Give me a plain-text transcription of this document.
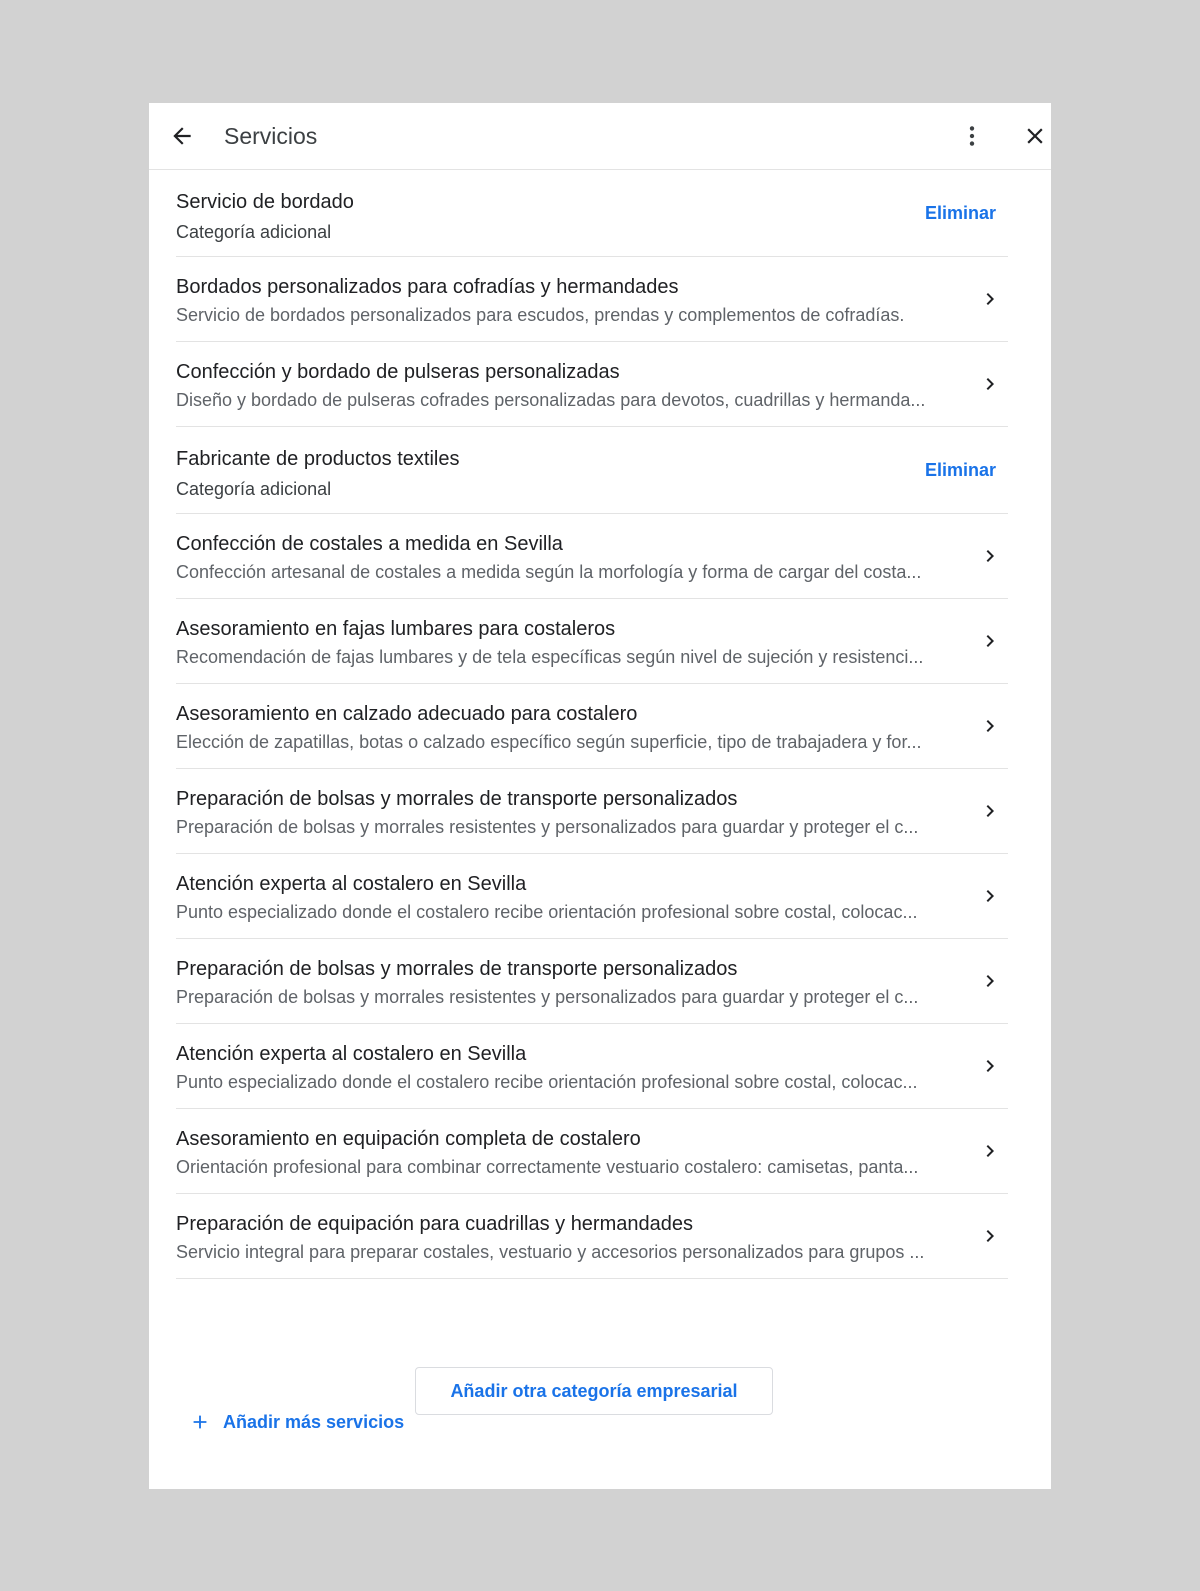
Servicios
Servicio de bordado
Categoría adicional
Eliminar
Bordados personalizados para cofradías y hermandades
Servicio de bordados personalizados para escudos, prendas y complementos de cofradías.
Confección y bordado de pulseras personalizadas
Diseño y bordado de pulseras cofrades personalizadas para devotos, cuadrillas y hermanda...
Fabricante de productos textiles
Categoría adicional
Eliminar
Confección de costales a medida en Sevilla
Confección artesanal de costales a medida según la morfología y forma de cargar del costa...
Asesoramiento en fajas lumbares para costaleros
Recomendación de fajas lumbares y de tela específicas según nivel de sujeción y resistenci...
Asesoramiento en calzado adecuado para costalero
Elección de zapatillas, botas o calzado específico según superficie, tipo de trabajadera y for...
Preparación de bolsas y morrales de transporte personalizados
Preparación de bolsas y morrales resistentes y personalizados para guardar y proteger el c...
Atención experta al costalero en Sevilla
Punto especializado donde el costalero recibe orientación profesional sobre costal, colocac...
Preparación de bolsas y morrales de transporte personalizados
Preparación de bolsas y morrales resistentes y personalizados para guardar y proteger el c...
Atención experta al costalero en Sevilla
Punto especializado donde el costalero recibe orientación profesional sobre costal, colocac...
Asesoramiento en equipación completa de costalero
Orientación profesional para combinar correctamente vestuario costalero: camisetas, panta...
Preparación de equipación para cuadrillas y hermandades
Servicio integral para preparar costales, vestuario y accesorios personalizados para grupos ...
Añadir más servicios
Añadir otra categoría empresarial
